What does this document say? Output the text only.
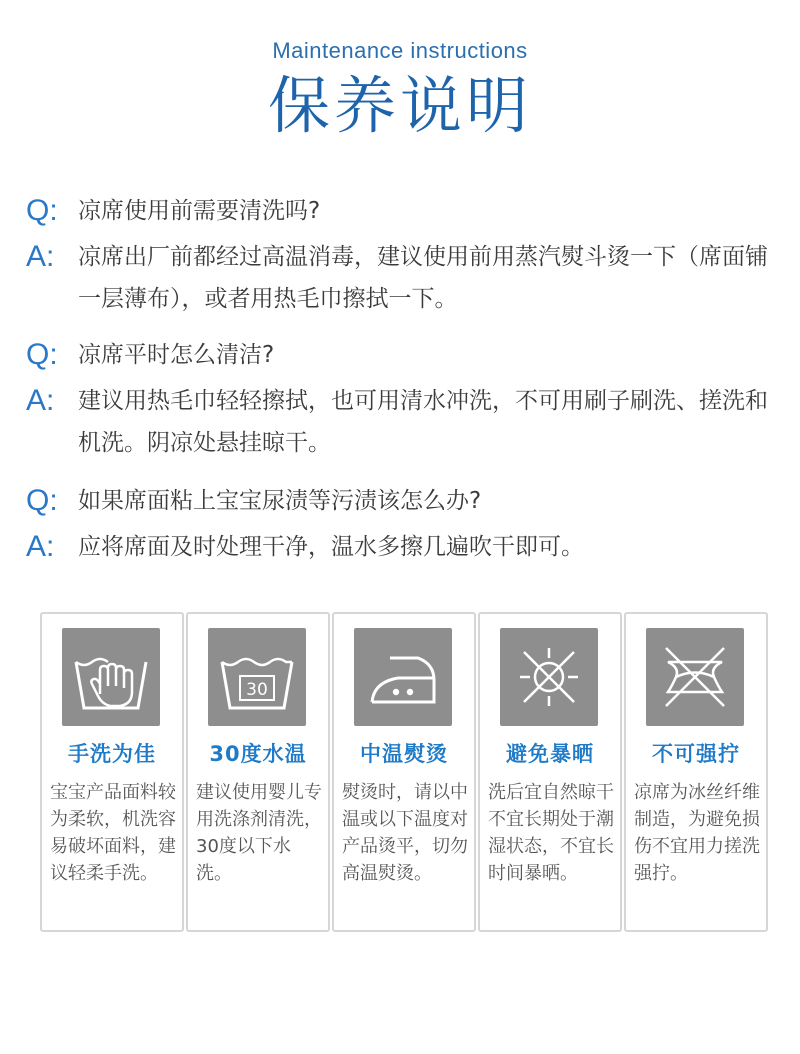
Maintenance instructions
保养说明
Q: 凉席使用前需要清洗吗?
A: 凉席出厂前都经过高温消毒，建议使用前用蒸汽熨斗烫一下（席面铺一层薄布），或者用热毛巾擦拭一下。
Q: 凉席平时怎么清洁?
A: 建议用热毛巾轻轻擦拭，也可用清水冲洗，不可用刷子刷洗、搓洗和机洗。阴凉处悬挂晾干。
Q: 如果席面粘上宝宝尿渍等污渍该怎么办?
A: 应将席面及时处理干净，温水多擦几遍吹干即可。
手洗为佳
宝宝产品面料较为柔软，机洗容易破坏面料，建议轻柔手洗。
30
30度水温
建议使用婴儿专用洗涤剂清洗，30度以下水洗。
中温熨烫
熨烫时，请以中温或以下温度对产品烫平，切勿高温熨烫。
避免暴晒
洗后宜自然晾干不宜长期处于潮湿状态，不宜长时间暴晒。
不可强拧
凉席为冰丝纤维制造，为避免损伤不宜用力搓洗强拧。
